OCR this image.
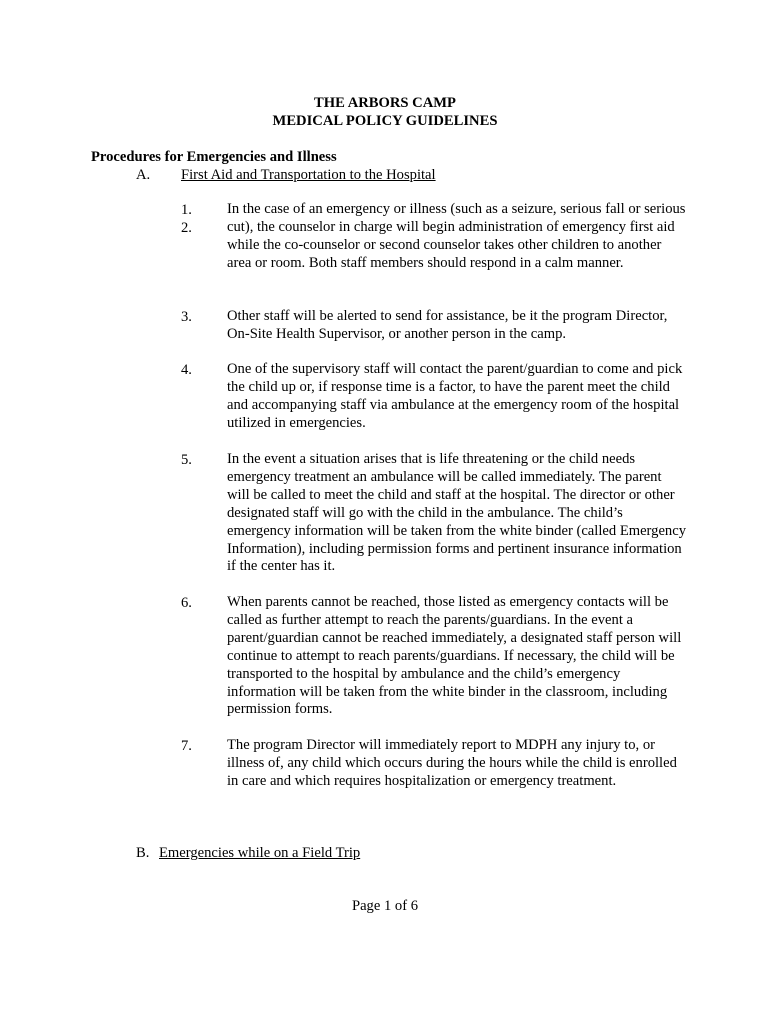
THE ARBORS CAMP
MEDICAL POLICY GUIDELINES
Procedures for Emergencies and Illness
A. First Aid and Transportation to the Hospital
1.
2.
In the case of an emergency or illness (such as a seizure, serious fall or serious cut), the counselor in charge will begin administration of emergency first aid while the co-counselor or second counselor takes other children to another area or room. Both staff members should respond in a calm manner.
3. Other staff will be alerted to send for assistance, be it the program Director, On-Site Health Supervisor, or another person in the camp.
4. One of the supervisory staff will contact the parent/guardian to come and pick the child up or, if response time is a factor, to have the parent meet the child and accompanying staff via ambulance at the emergency room of the hospital utilized in emergencies.
5. In the event a situation arises that is life threatening or the child needs emergency treatment an ambulance will be called immediately. The parent will be called to meet the child and staff at the hospital. The director or other designated staff will go with the child in the ambulance. The child’s emergency information will be taken from the white binder (called Emergency Information), including permission forms and pertinent insurance information if the center has it.
6. When parents cannot be reached, those listed as emergency contacts will be called as further attempt to reach the parents/guardians. In the event a parent/guardian cannot be reached immediately, a designated staff person will continue to attempt to reach parents/guardians. If necessary, the child will be transported to the hospital by ambulance and the child’s emergency information will be taken from the white binder in the classroom, including permission forms.
7. The program Director will immediately report to MDPH any injury to, or illness of, any child which occurs during the hours while the child is enrolled in care and which requires hospitalization or emergency treatment.
B. Emergencies while on a Field Trip
Page 1 of 6
